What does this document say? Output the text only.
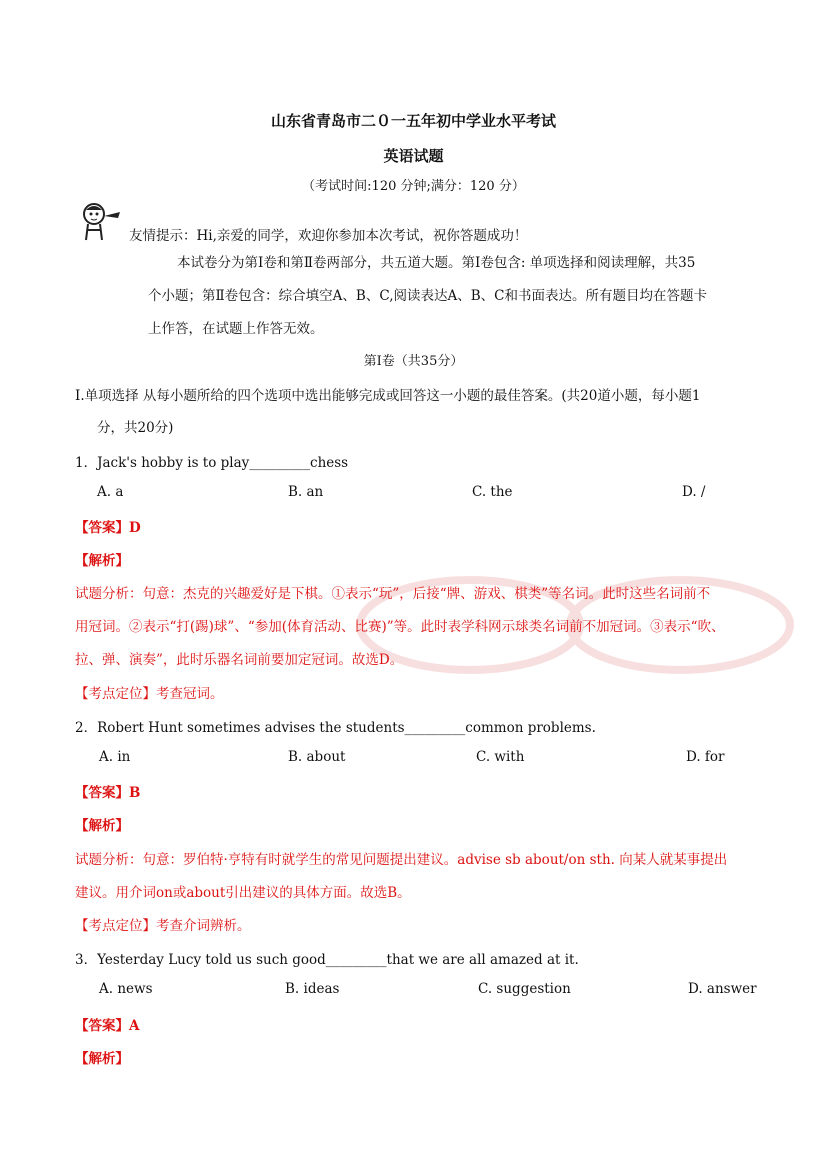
山东省青岛市二０一五年初中学业水平考试
英语试题
（考试时间:120 分钟;满分：120 分）
友情提示：Hi,亲爱的同学，欢迎你参加本次考试，祝你答题成功！
本试卷分为第Ⅰ卷和第Ⅱ卷两部分，共五道大题。第Ⅰ卷包含: 单项选择和阅读理解，共35
个小题；第Ⅱ卷包含：综合填空A、B、C,阅读表达A、B、C和书面表达。所有题目均在答题卡
上作答，在试题上作答无效。
第Ⅰ卷（共35分）
Ⅰ.单项选择 从每小题所给的四个选项中选出能够完成或回答这一小题的最佳答案。(共20道小题，每小题1
分，共20分)
1．Jack's hobby is to play_________chess
A. a	B. an	C. the	D. /
【答案】D
【解析】
试题分析：句意：杰克的兴趣爱好是下棋。①表示“玩”，后接“牌、游戏、棋类”等名词。此时这些名词前不
用冠词。②表示“打(踢)球”、“参加(体育活动、比赛)”等。此时表学科网示球类名词前不加冠词。③表示“吹、
拉、弹、演奏”，此时乐器名词前要加定冠词。故选D。
【考点定位】考查冠词。
2．Robert Hunt sometimes advises the students_________common problems.
A. in	B. about	C. with	D. for
【答案】B
【解析】
试题分析：句意：罗伯特·亨特有时就学生的常见问题提出建议。advise sb about/on sth. 向某人就某事提出
建议。用介词on或about引出建议的具体方面。故选B。
【考点定位】考查介词辨析。
3．Yesterday Lucy told us such good_________that we are all amazed at it.
A. news	B. ideas	C. suggestion	D. answer
【答案】A
【解析】
